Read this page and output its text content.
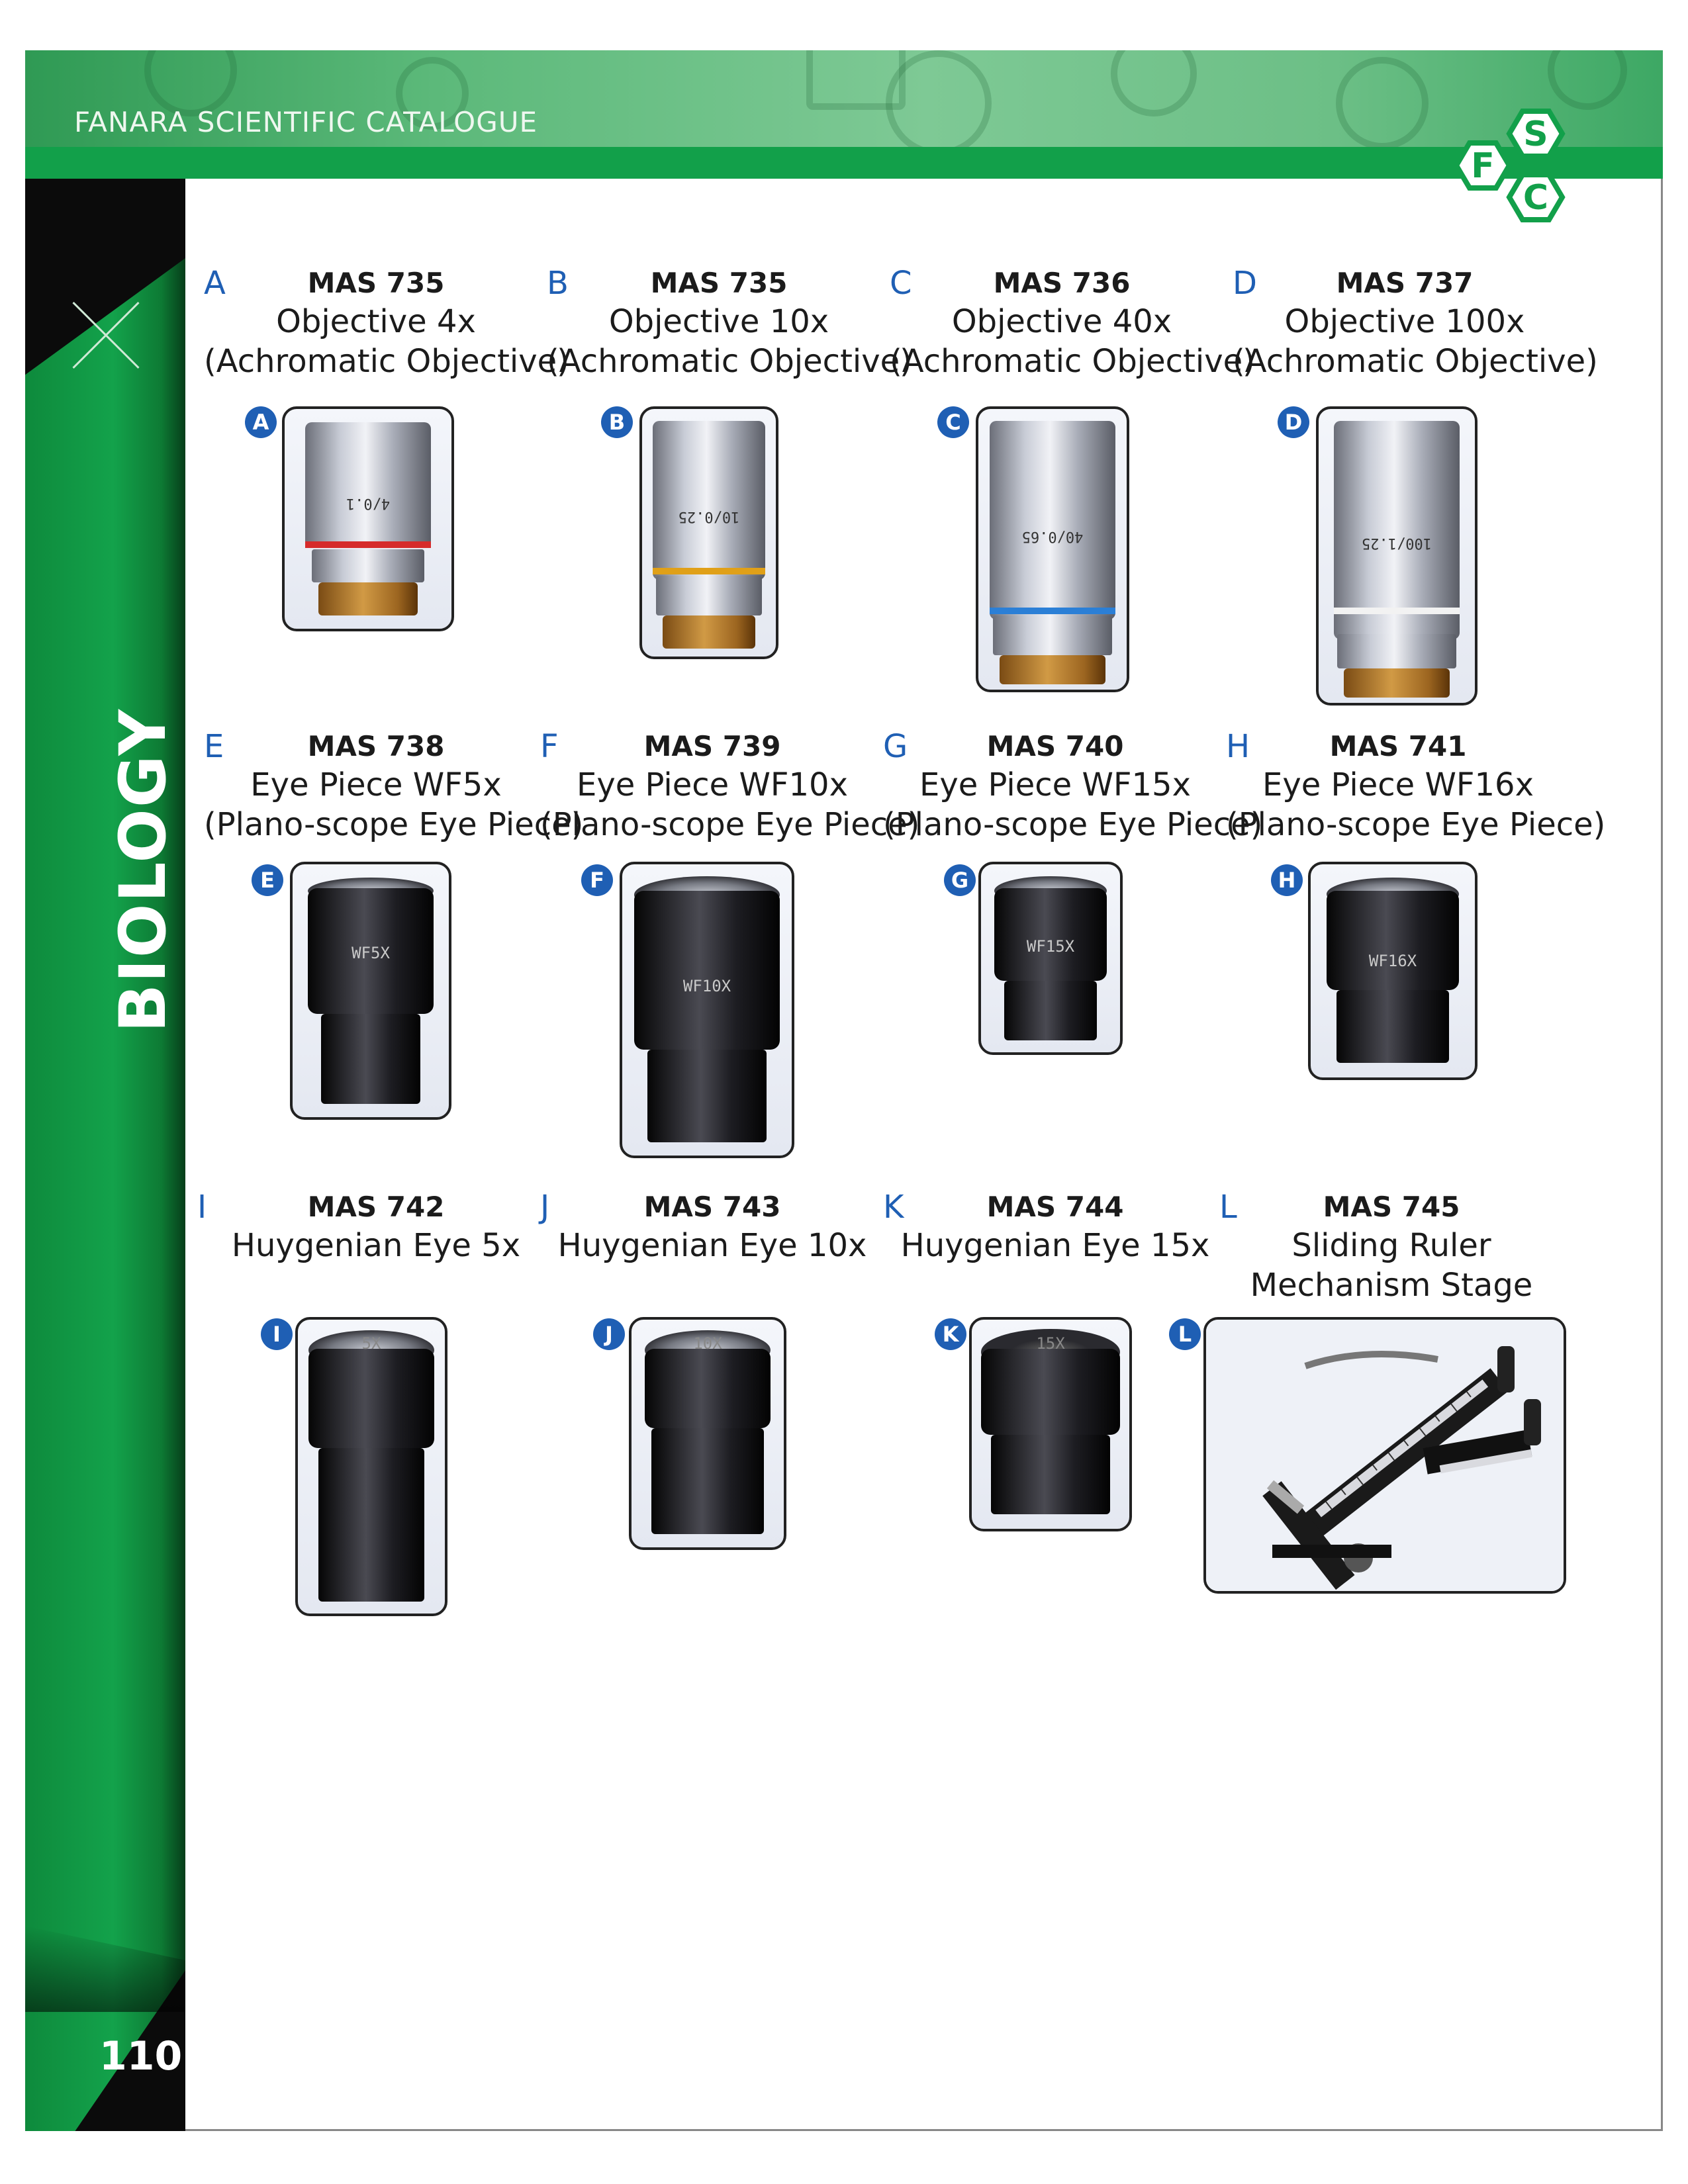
FANARA SCIENTIFIC CATALOGUE	S
F
C
BIOLOGY
110
A	MAS 735
Objective 4x
(Achromatic Objective)
A
4/0.1
B	MAS 735
Objective 10x
(Achromatic Objective)
B
10/0.25
C	MAS 736
Objective 40x
(Achromatic Objective)
C
40/0.65
D	MAS 737
Objective 100x
(Achromatic Objective)
D
100/1.25
E	MAS 738
Eye Piece WF5x
(Plano-scope Eye Piece)
E
WF5X
F	MAS 739
Eye Piece WF10x
(Plano-scope Eye Piece)
F
WF10X
G	MAS 740
Eye Piece WF15x
(Plano-scope Eye Piece)
G
WF15X
H	MAS 741
Eye Piece WF16x
(Plano-scope Eye Piece)
H
WF16X
I	MAS 742
Huygenian Eye 5x
I	5X
J	MAS 743
Huygenian Eye 10x
J	10X
K	MAS 744
Huygenian Eye 15x
K	15X
L	MAS 745
Sliding Ruler
Mechanism Stage
L
